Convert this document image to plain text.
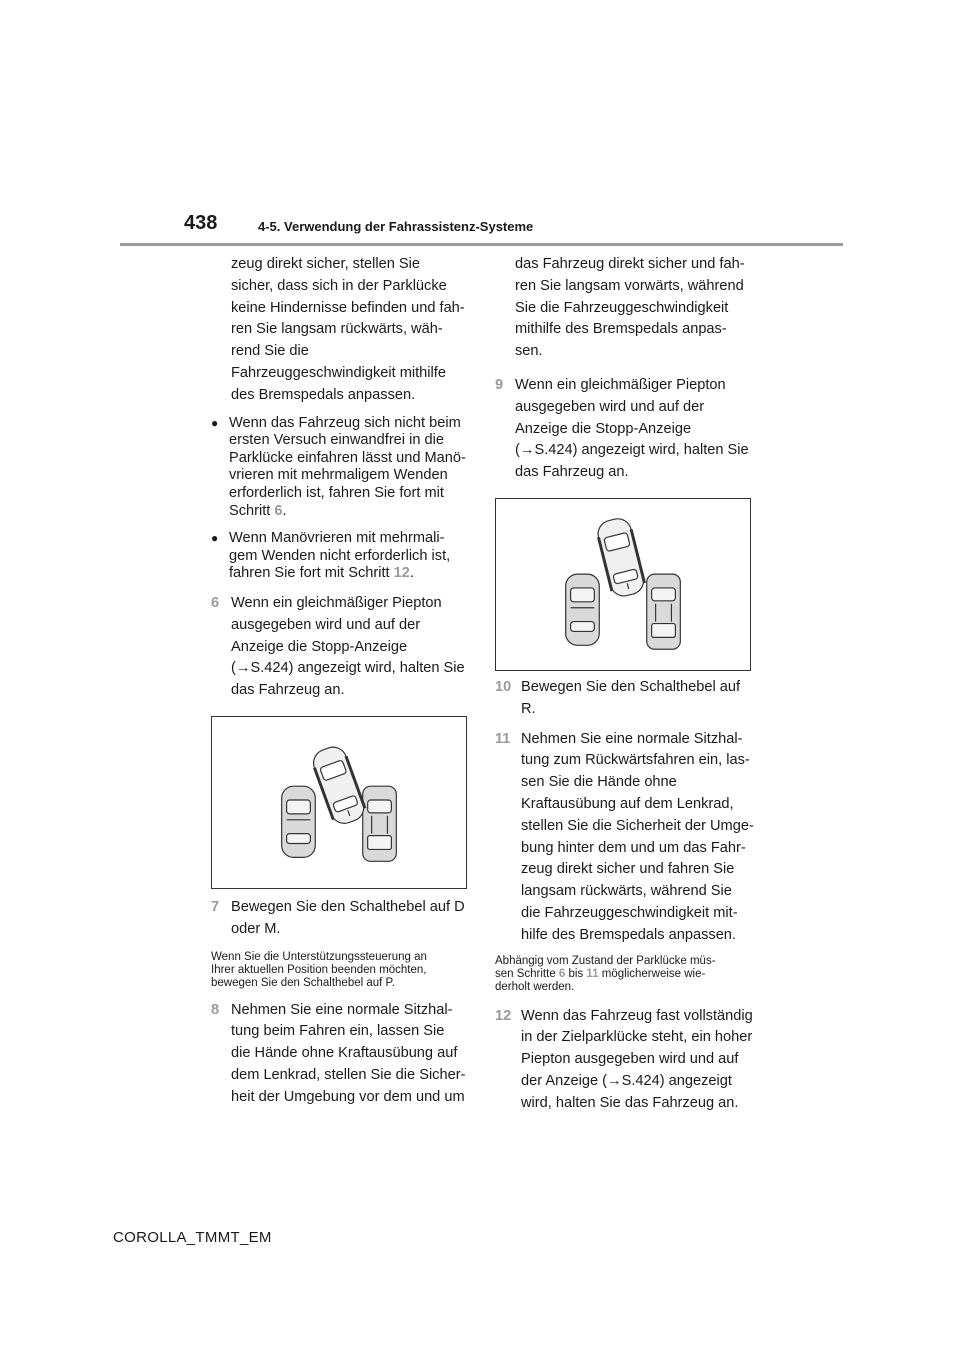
438	4-5. Verwendung der Fahrassistenz-Systeme

zeug direkt sicher, stellen Sie

sicher, dass sich in der Parklücke

keine Hindernisse befinden und fah-

ren Sie langsam rückwärts, wäh-

rend Sie die

Fahrzeuggeschwindigkeit mithilfe

des Bremspedals anpassen.

● Wenn das Fahrzeug sich nicht beim
ersten Versuch einwandfrei in die
Parklücke einfahren lässt und Manö-
vrieren mit mehrmaligem Wenden
erforderlich ist, fahren Sie fort mit
Schritt 6.
● Wenn Manövrieren mit mehrmali-
gem Wenden nicht erforderlich ist,
fahren Sie fort mit Schritt 12.
6 Wenn ein gleichmäßiger Piepton
ausgegeben wird und auf der
Anzeige die Stopp-Anzeige
(→S.424) angezeigt wird, halten Sie
das Fahrzeug an.
7 Bewegen Sie den Schalthebel auf D
oder M.

Wenn Sie die Unterstützungssteuerung an

Ihrer aktuellen Position beenden möchten,

bewegen Sie den Schalthebel auf P.

8 Nehmen Sie eine normale Sitzhal-
tung beim Fahren ein, lassen Sie
die Hände ohne Kraftausübung auf
dem Lenkrad, stellen Sie die Sicher-
heit der Umgebung vor dem und um

das Fahrzeug direkt sicher und fah-

ren Sie langsam vorwärts, während

Sie die Fahrzeuggeschwindigkeit

mithilfe des Bremspedals anpas-

sen.

9 Wenn ein gleichmäßiger Piepton
ausgegeben wird und auf der
Anzeige die Stopp-Anzeige
(→S.424) angezeigt wird, halten Sie
das Fahrzeug an.
10 Bewegen Sie den Schalthebel auf
R.
11 Nehmen Sie eine normale Sitzhal-
tung zum Rückwärtsfahren ein, las-
sen Sie die Hände ohne
Kraftausübung auf dem Lenkrad,
stellen Sie die Sicherheit der Umge-
bung hinter dem und um das Fahr-
zeug direkt sicher und fahren Sie
langsam rückwärts, während Sie
die Fahrzeuggeschwindigkeit mit-
hilfe des Bremspedals anpassen.

Abhängig vom Zustand der Parklücke müs-

sen Schritte 6 bis 11 möglicherweise wie-

derholt werden.

12 Wenn das Fahrzeug fast vollständig
in der Zielparklücke steht, ein hoher
Piepton ausgegeben wird und auf
der Anzeige (→S.424) angezeigt
wird, halten Sie das Fahrzeug an.
COROLLA_TMMT_EM
